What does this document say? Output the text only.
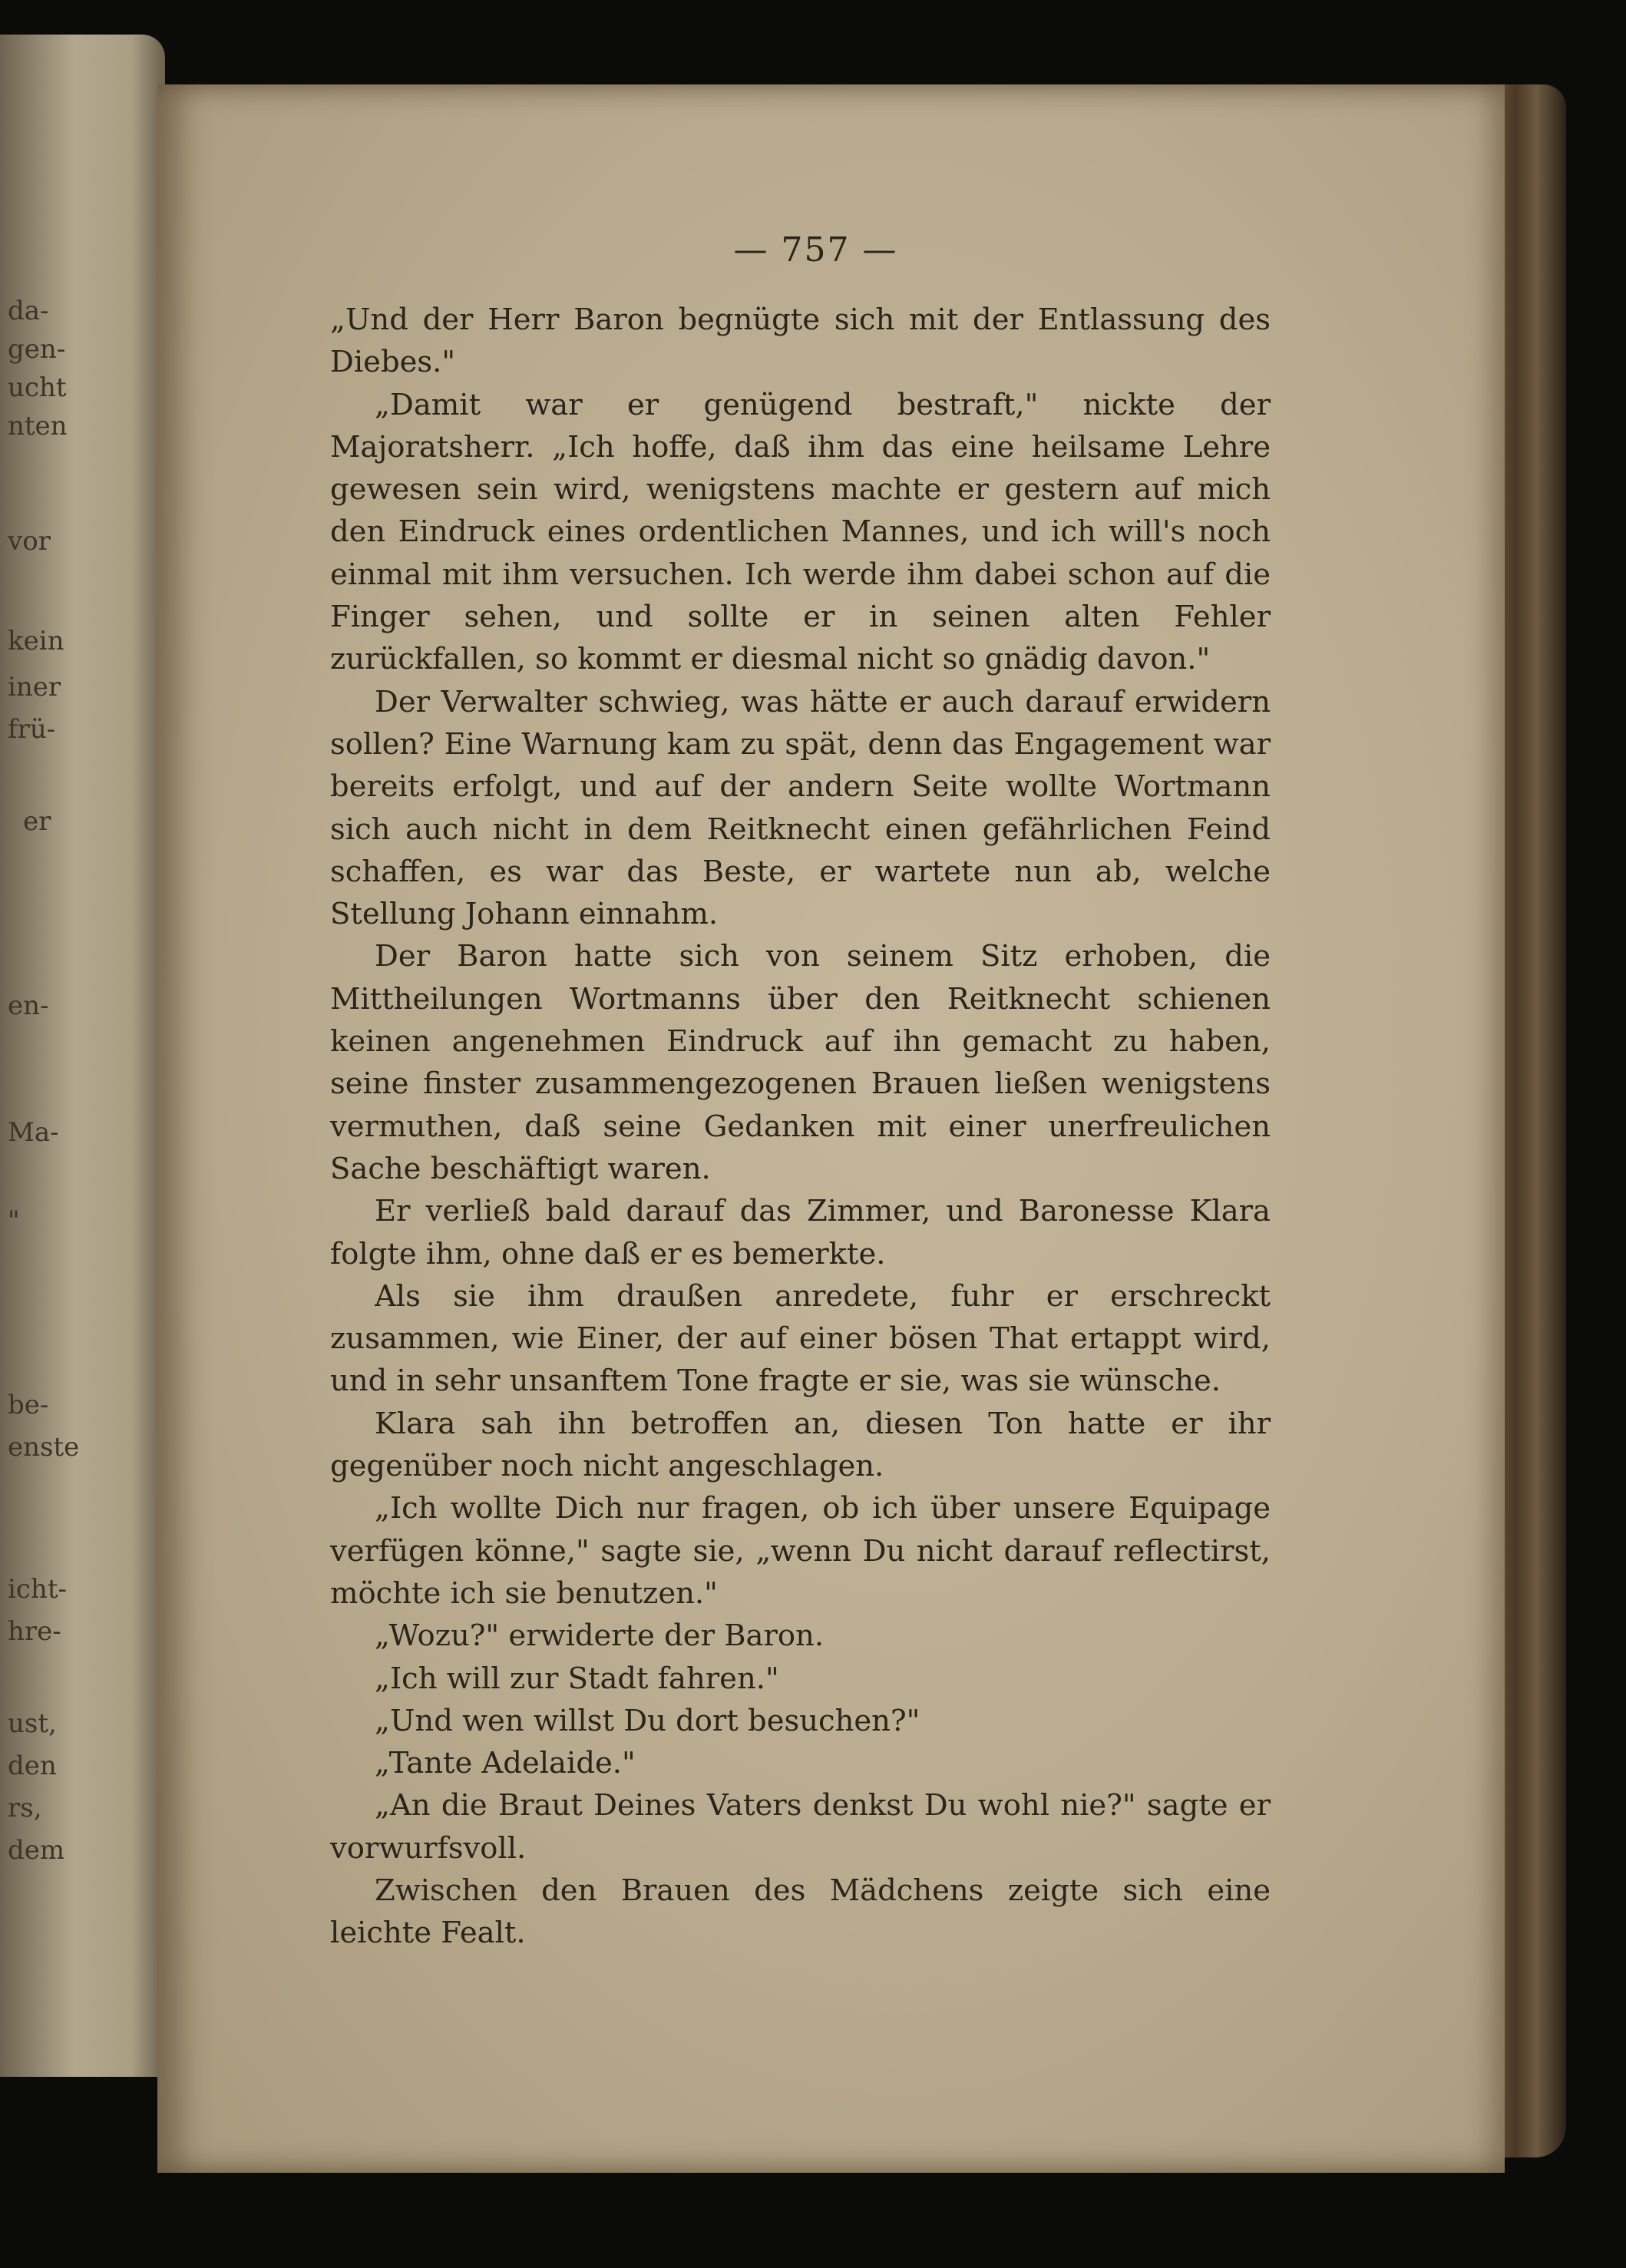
da-
gen-
ucht
nten
vor
kein
iner
frü-
er
en-
Ma-
"
be-
enste
icht-
hre-
ust,
den
rs,
dem
— 757 —

„Und der Herr Baron begnügte sich mit der Entlassung des Diebes."

„Damit war er genügend bestraft," nickte der Majoratsherr. „Ich hoffe, daß ihm das eine heilsame Lehre gewesen sein wird, wenigstens machte er gestern auf mich den Eindruck eines ordentlichen Mannes, und ich will's noch einmal mit ihm versuchen. Ich werde ihm dabei schon auf die Finger sehen, und sollte er in seinen alten Fehler zurückfallen, so kommt er diesmal nicht so gnädig davon."

Der Verwalter schwieg, was hätte er auch darauf erwidern sollen? Eine Warnung kam zu spät, denn das Engagement war bereits erfolgt, und auf der andern Seite wollte Wortmann sich auch nicht in dem Reitknecht einen gefährlichen Feind schaffen, es war das Beste, er wartete nun ab, welche Stellung Johann einnahm.

Der Baron hatte sich von seinem Sitz erhoben, die Mittheilungen Wortmanns über den Reitknecht schienen keinen angenehmen Eindruck auf ihn gemacht zu haben, seine finster zusammengezogenen Brauen ließen wenigstens vermuthen, daß seine Gedanken mit einer unerfreulichen Sache beschäftigt waren.

Er verließ bald darauf das Zimmer, und Baronesse Klara folgte ihm, ohne daß er es bemerkte.

Als sie ihm draußen anredete, fuhr er erschreckt zusammen, wie Einer, der auf einer bösen That ertappt wird, und in sehr unsanftem Tone fragte er sie, was sie wünsche.

Klara sah ihn betroffen an, diesen Ton hatte er ihr gegenüber noch nicht angeschlagen.

„Ich wollte Dich nur fragen, ob ich über unsere Equipage verfügen könne," sagte sie, „wenn Du nicht darauf reflectirst, möchte ich sie benutzen."

„Wozu?" erwiderte der Baron.

„Ich will zur Stadt fahren."

„Und wen willst Du dort besuchen?"

„Tante Adelaide."

„An die Braut Deines Vaters denkst Du wohl nie?" sagte er vorwurfsvoll.

Zwischen den Brauen des Mädchens zeigte sich eine leichte Fealt.
